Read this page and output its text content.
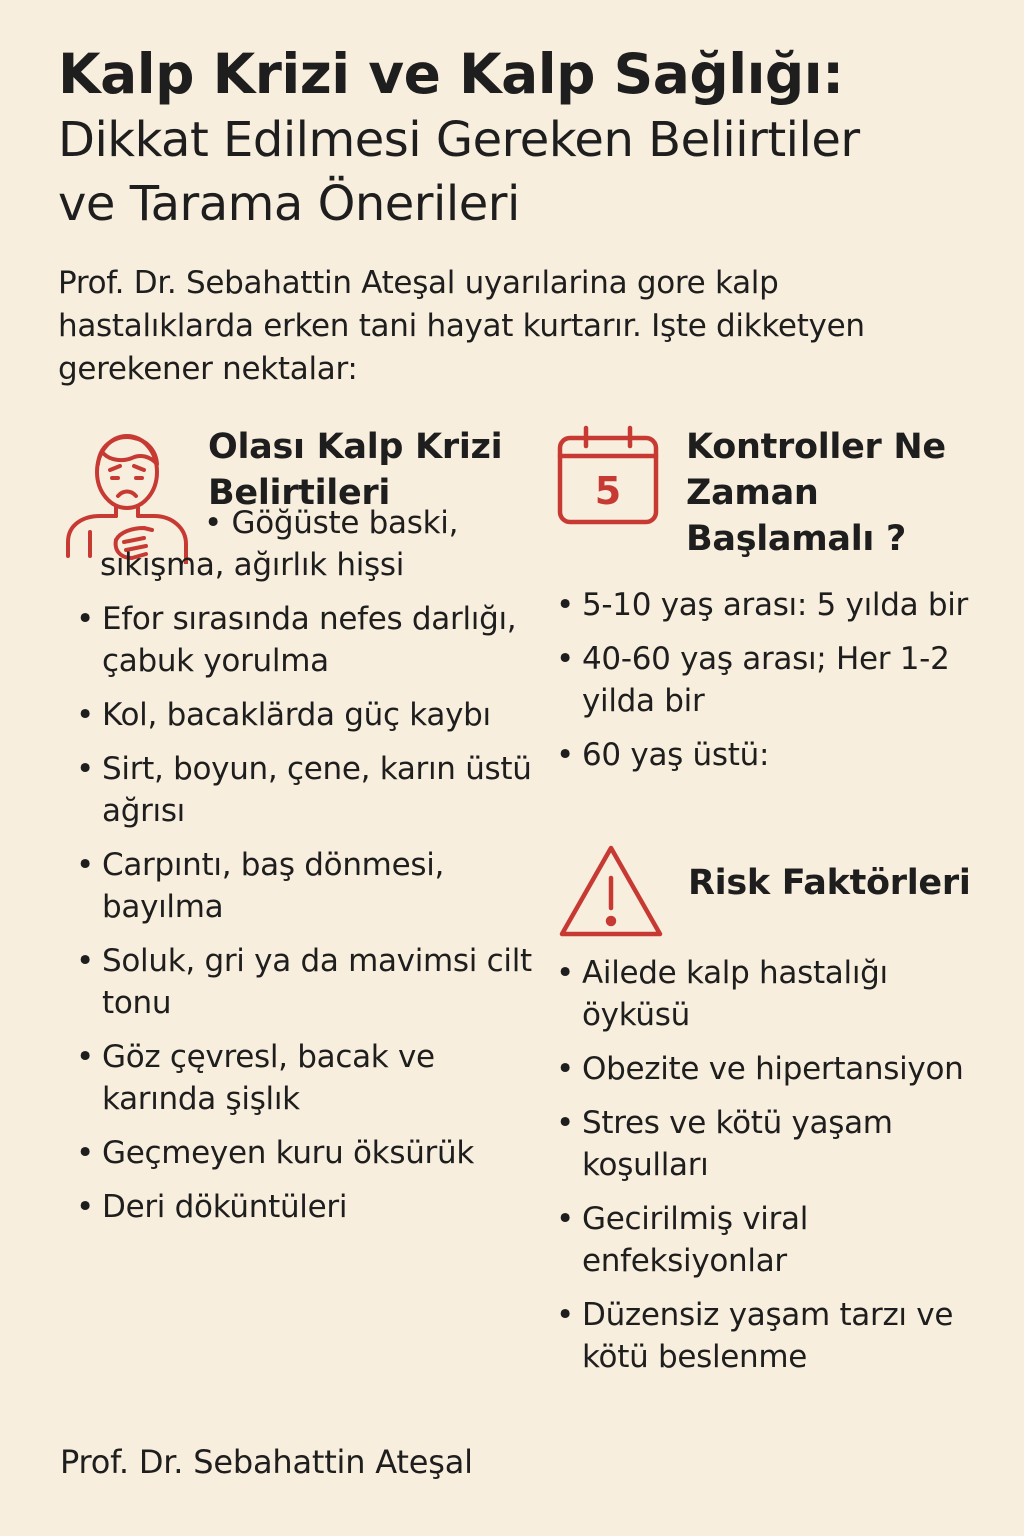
Kalp Krizi ve Kalp Sağlığı:
Dikkat Edilmesi Gereken Beliirtiler
ve Tarama Önerileri

Prof. Dr. Sebahattin Ateşal uyarılarina gore kalp hastalıklarda erken tani hayat kurtarır. Işte dikketyen gerekener nektalar:

Olası Kalp Krizi Belirtileri
• Göğüste baski, sıkışma, ağırlık hişsi
• Efor sırasında nefes darlığı, çabuk yorulma
• Kol, bacaklärda güç kaybı
• Sirt, boyun, çene, karın üstü ağrısı
• Carpıntı, baş dönmesi, bayılma
• Soluk, gri ya da mavimsi cilt tonu
• Göz çęvresl, bacak ve karında şişlık
• Geçmeyen kuru öksürük
• Deri döküntüleri
5
Kontroller Ne Zaman Başlamalı ?
• 5-10 yaş arası: 5 yıldа bir
• 40-60 yaş arası; Her 1-2 yilda bir
• 60 yaş üstü:
Risk Faktörleri
• Ailede kalp hastalığı öyküsü
• Obezite ve hipertansiyon
• Stres ve kötü yaşam koşulları
• Gecirilmiş viral enfeksiyonlar
• Düzensiz yaşam tarzı ve kötü beslenme

Prof. Dr. Sebahattin Ateşal
